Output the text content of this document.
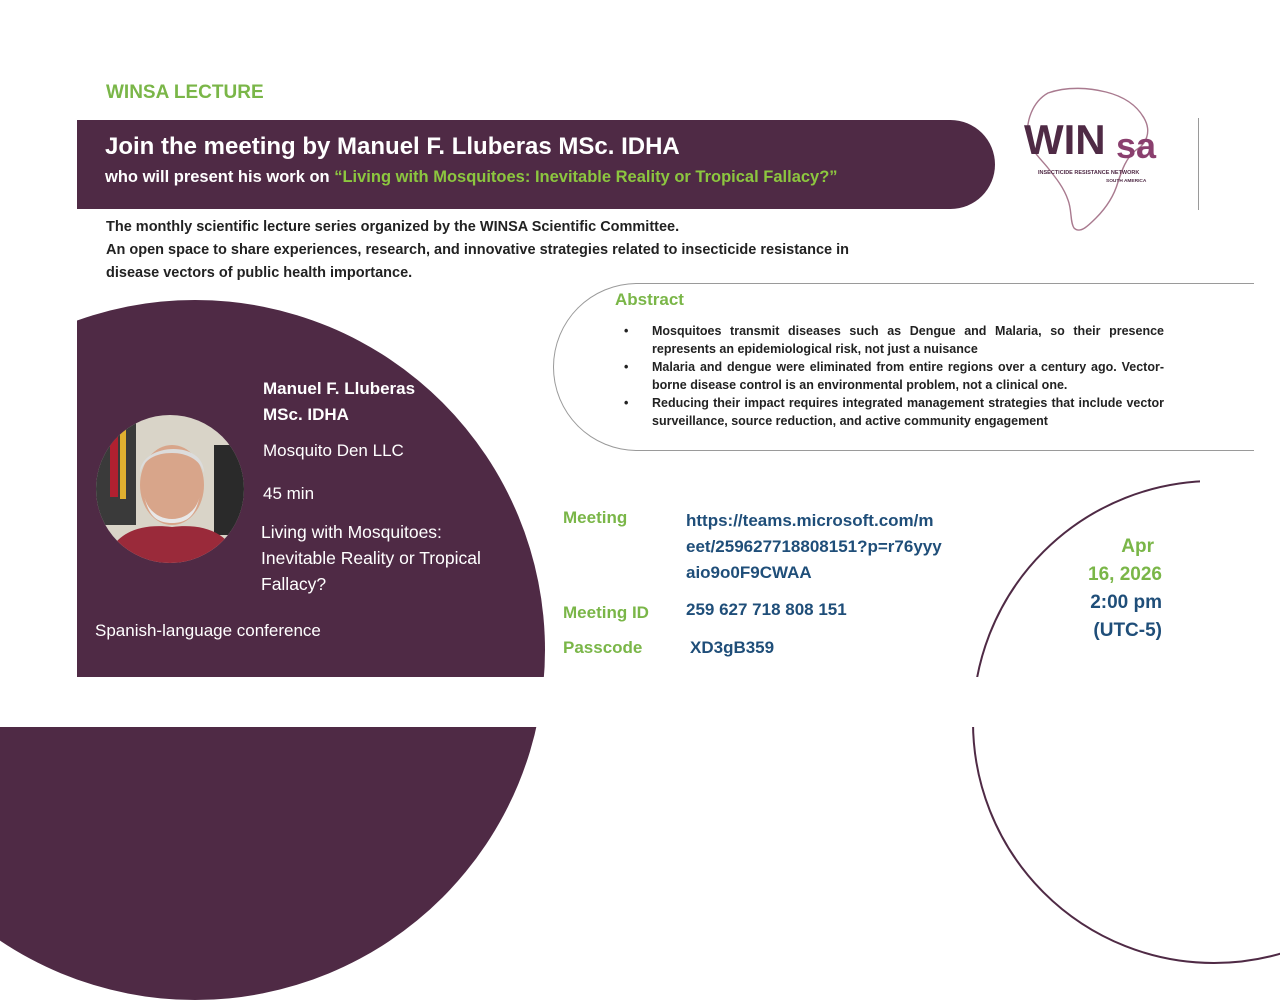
WINSA LECTURE
Join the meeting by Manuel F. Lluberas MSc. IDHA
who will present his work on “Living with Mosquitoes: Inevitable Reality or Tropical Fallacy?”
WIN sa
INSECTICIDE RESISTANCE NETWORK
SOUTH AMERICA
The monthly scientific lecture series organized by the WINSA Scientific Committee.
An open space to share experiences, research, and innovative strategies related to insecticide resistance in
disease vectors of public health importance.
Abstract
• Mosquitoes transmit diseases such as Dengue and Malaria, so their presence represents an epidemiological risk, not just a nuisance
• Malaria and dengue were eliminated from entire regions over a century ago. Vector-borne disease control is an environmental problem, not a clinical one.
• Reducing their impact requires integrated management strategies that include vector surveillance, source reduction, and active community engagement
Manuel F. Lluberas
MSc. IDHA
Mosquito Den LLC
45 min
Living with Mosquitoes:
Inevitable Reality or Tropical
Fallacy?
Spanish-language conference
Meeting	https://teams.microsoft.com/m
eet/259627718808151?p=r76yyy
aio9o0F9CWAA
Meeting ID 259 627 718 808 151
Passcode	XD3gB359
Apr
16, 2026
2:00 pm
(UTC-5)
